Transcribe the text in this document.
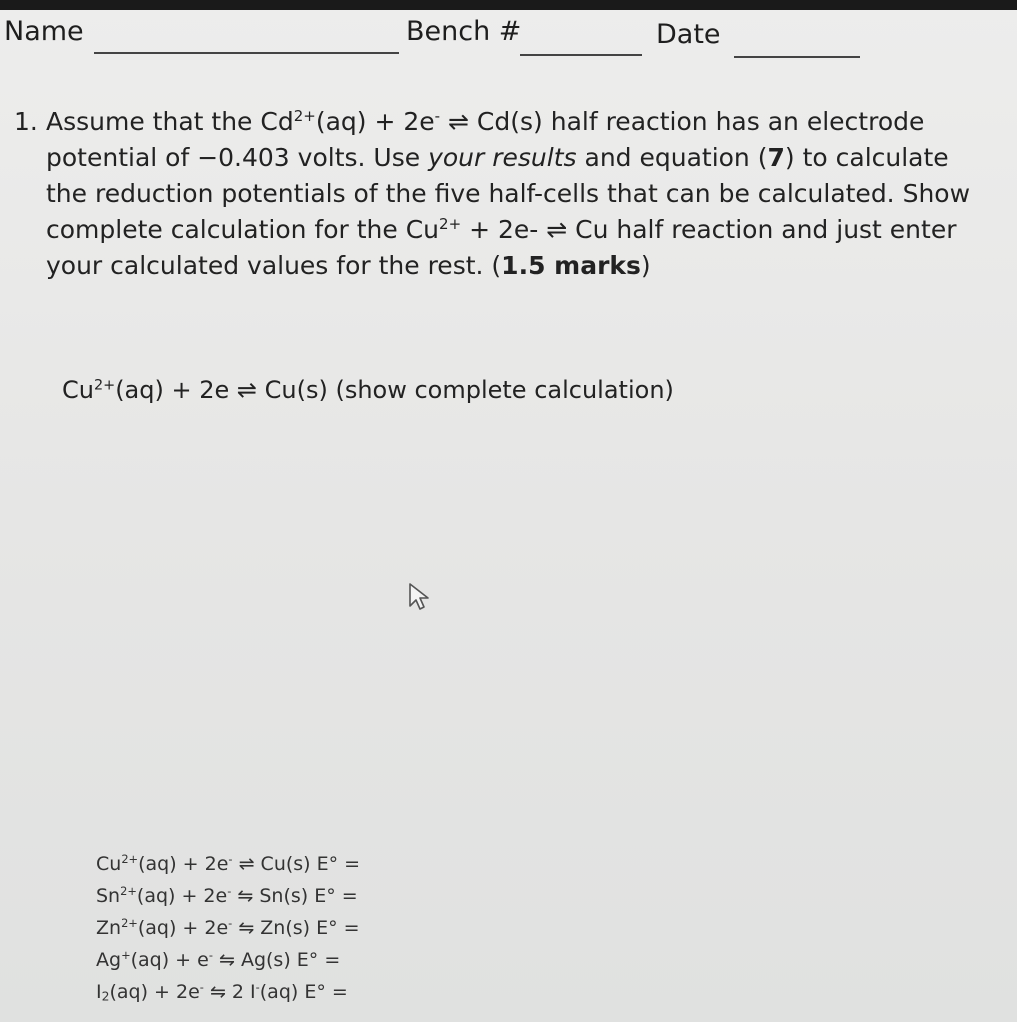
Name	Bench #	Date
1. Assume that the $Cd^{2+}(aq) + 2e^-$ ⇌ Cd(s) half reaction has an electrode

potential of −0.403 volts. Use your results and equation (7) to calculate

the reduction potentials of the five half-cells that can be calculated. Show

complete calculation for the $Cu^{2+} + 2e-$ ⇌ Cu half reaction and just enter

your calculated values for the rest. (1.5 marks)

$Cu^{2+}(aq) + 2e$ ⇌ Cu(s) (show complete calculation)
$Cu^{2+}(aq) + 2e^-$ ⇌ Cu(s) E° =
$Sn^{2+}(aq) + 2e^-$ ⇋ Sn(s) E° =
$Zn^{2+}(aq) + 2e^-$ ⇋ Zn(s) E° =
Ag+(aq) + e- ⇋ Ag(s) E° =
$I_2(aq) + 2e^-$ ⇋ 2 I-(aq) E° =
